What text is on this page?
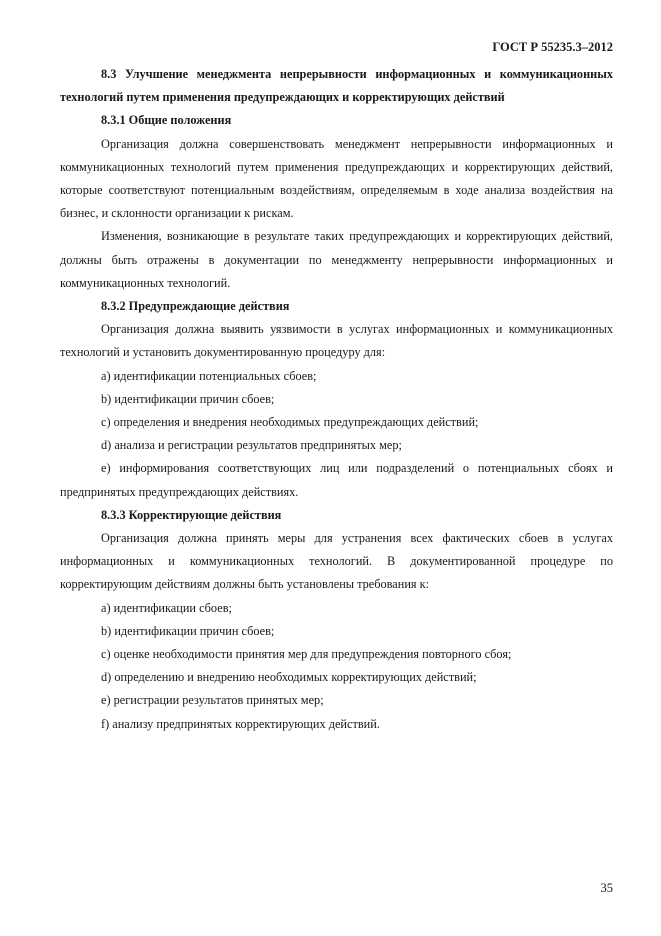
ГОСТ Р 55235.3–2012

8.3 Улучшение менеджмента непрерывности информационных и коммуникационных технологий путем применения предупреждающих и корректирующих действий

8.3.1 Общие положения

Организация должна совершенствовать менеджмент непрерывности информационных и коммуникационных технологий путем применения предупреждающих и корректирующих действий, которые соответствуют потенциальным воздействиям, определяемым в ходе анализа воздействия на бизнес, и склонности организации к рискам.

Изменения, возникающие в результате таких предупреждающих и корректирующих действий, должны быть отражены в документации по менеджменту непрерывности информационных и коммуникационных технологий.

8.3.2 Предупреждающие действия

Организация должна выявить уязвимости в услугах информационных и коммуникационных технологий и установить документированную процедуру для:

a) идентификации потенциальных сбоев;

b) идентификации причин сбоев;

c) определения и внедрения необходимых предупреждающих действий;

d) анализа и регистрации результатов предпринятых мер;

e) информирования соответствующих лиц или подразделений о потенциальных сбоях и предпринятых предупреждающих действиях.

8.3.3 Корректирующие действия

Организация должна принять меры для устранения всех фактических сбоев в услугах информационных и коммуникационных технологий. В документированной процедуре по корректирующим действиям должны быть установлены требования к:

a) идентификации сбоев;

b) идентификации причин сбоев;

c) оценке необходимости принятия мер для предупреждения повторного сбоя;

d) определению и внедрению необходимых корректирующих действий;

e) регистрации результатов принятых мер;

f) анализу предпринятых корректирующих действий.

35
